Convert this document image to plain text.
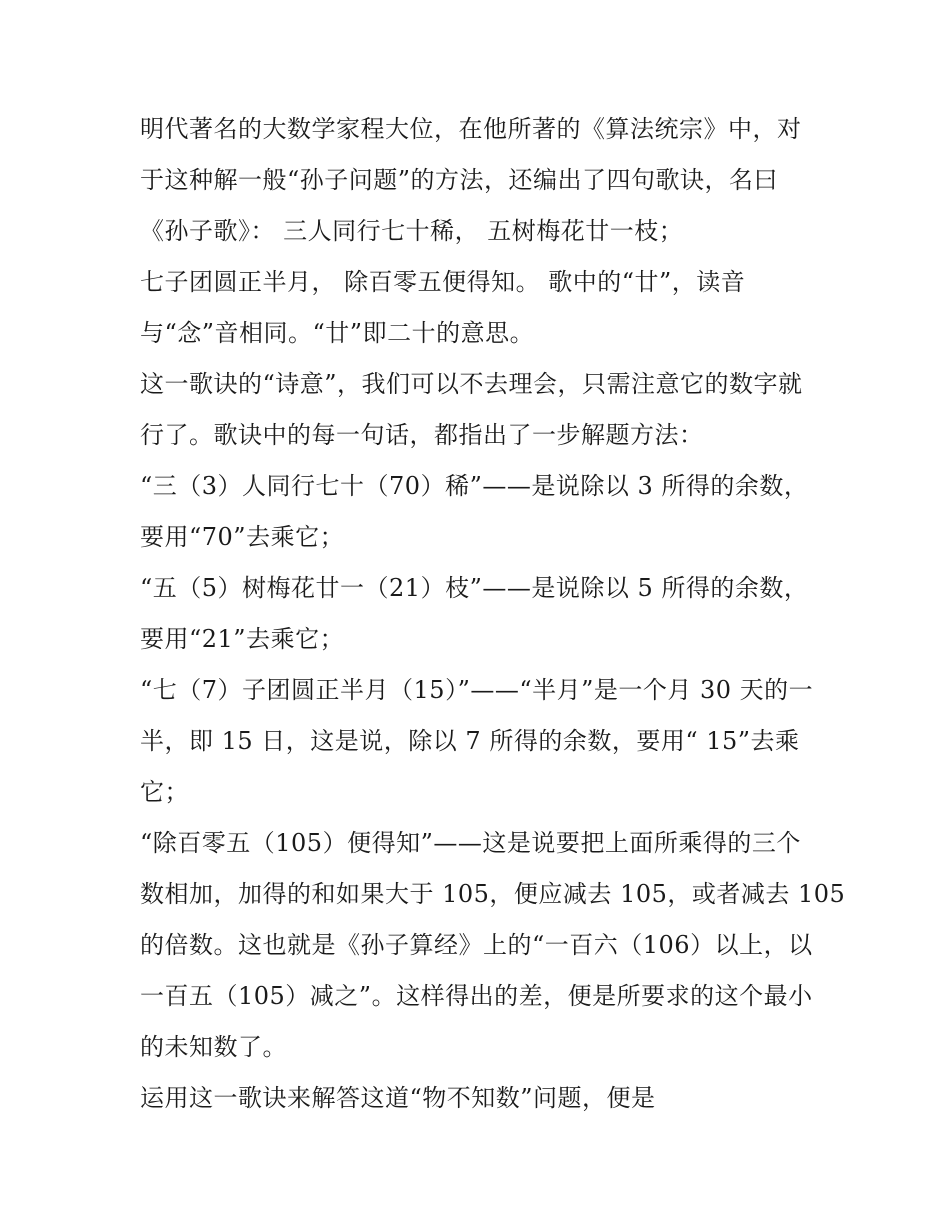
明代著名的大数学家程大位，在他所著的《算法统宗》中，对
于这种解一般“孙子问题”的方法，还编出了四句歌诀，名曰
《孙子歌》： 三人同行七十稀， 五树梅花廿一枝；
七子团圆正半月， 除百零五便得知。 歌中的“廿”，读音
与“念”音相同。“廿”即二十的意思。
这一歌诀的“诗意”，我们可以不去理会，只需注意它的数字就
行了。歌诀中的每一句话，都指出了一步解题方法：
“三（3）人同行七十（70）稀”——是说除以 3 所得的余数，
要用“70”去乘它；
“五（5）树梅花廿一（21）枝”——是说除以 5 所得的余数，
要用“21”去乘它；
“七（7）子团圆正半月（15）”——“半月”是一个月 30 天的一
半，即 15 日，这是说，除以 7 所得的余数，要用“ 15”去乘
它；
“除百零五（105）便得知”——这是说要把上面所乘得的三个
数相加，加得的和如果大于 105，便应减去 105，或者减去 105
的倍数。这也就是《孙子算经》上的“一百六（106）以上，以
一百五（105）减之”。这样得出的差，便是所要求的这个最小
的未知数了。
运用这一歌诀来解答这道“物不知数”问题，便是
